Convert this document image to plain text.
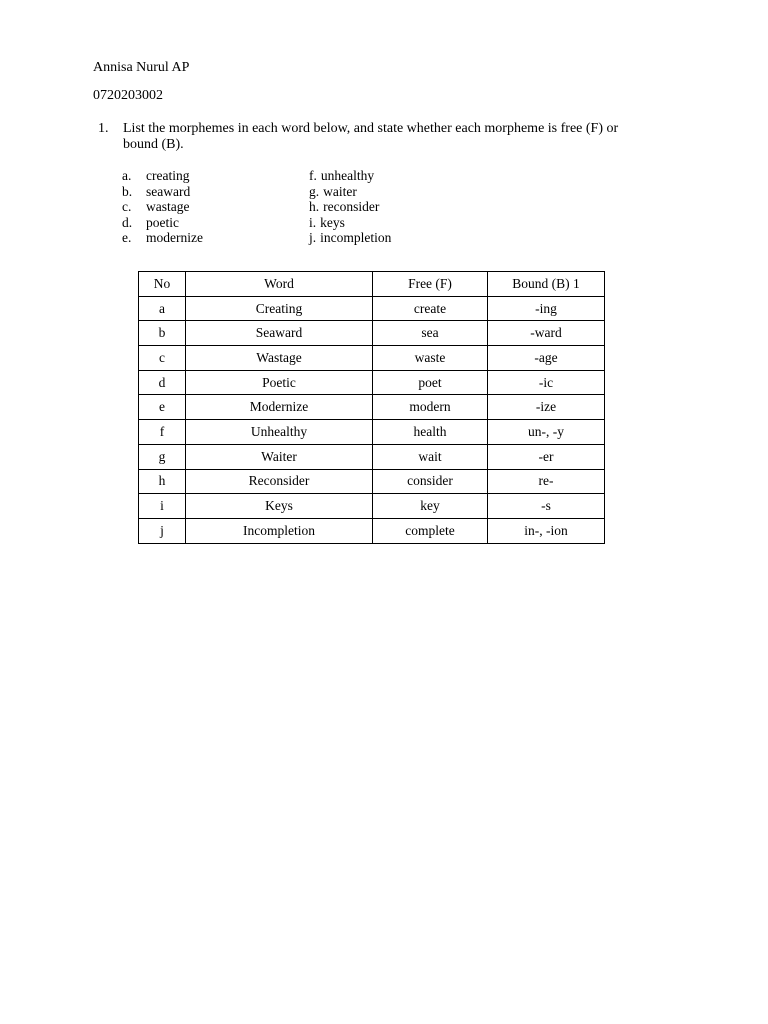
Annisa Nurul AP
0720203002
1. List the morphemes in each word below, and state whether each morpheme is free (F) or bound (B).
a.	creating
b.	seaward
c.	wastage
d.	poetic
e.	modernize
f. unhealthy
g. waiter
h. reconsider
i. keys
j. incompletion
No	Word	Free (F)	Bound (B) 1
a	Creating	create	-ing
b	Seaward	sea	-ward
c	Wastage	waste	-age
d	Poetic	poet	-ic
e	Modernize	modern	-ize
f	Unhealthy	health	un-, -y
g	Waiter	wait	-er
h	Reconsider	consider	re-
i	Keys	key	-s
j	Incompletion	complete	in-, -ion
